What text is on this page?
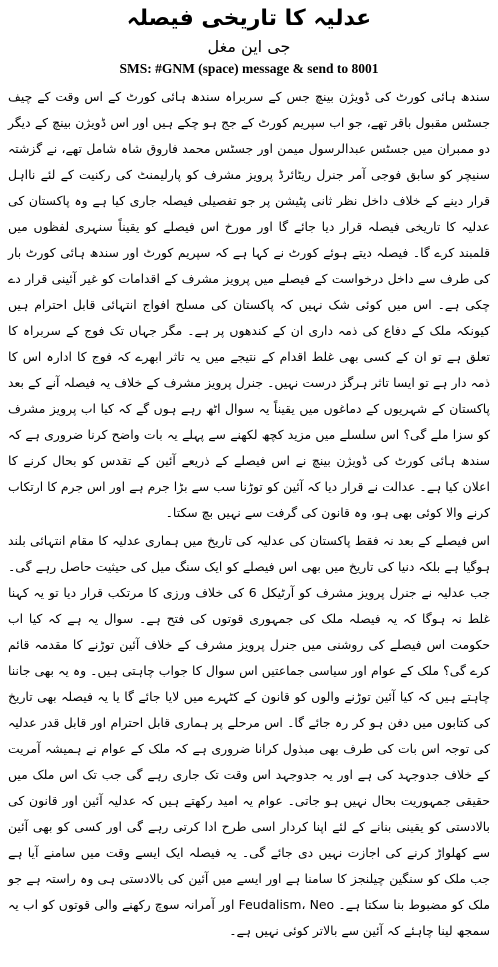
عدلیہ کا تاریخی فیصلہ
جی این مغل
SMS: #GNM (space) message & send to 8001

سندھ ہائی کورٹ کی ڈویژن بینچ جس کے سربراہ سندھ ہائی کورٹ کے اس وقت کے چیف جسٹس مقبول باقر تھے، جو اب سپریم کورٹ کے جج ہو چکے ہیں اور اس ڈویژن بینچ کے دیگر دو ممبران میں جسٹس عبدالرسول میمن اور جسٹس محمد فاروق شاہ شامل تھے، نے گزشتہ سنیچر کو سابق فوجی آمر جنرل ریٹائرڈ پرویز مشرف کو پارلیمنٹ کی رکنیت کے لئے نااہل قرار دینے کے خلاف داخل نظر ثانی پٹیشن پر جو تفصیلی فیصلہ جاری کیا ہے وہ پاکستان کی عدلیہ کا تاریخی فیصلہ قرار دیا جائے گا اور مورخ اس فیصلے کو یقیناً سنہری لفظوں میں قلمبند کرے گا۔ فیصلہ دیتے ہوئے کورٹ نے کہا ہے کہ سپریم کورٹ اور سندھ ہائی کورٹ بار کی طرف سے داخل درخواست کے فیصلے میں پرویز مشرف کے اقدامات کو غیر آئینی قرار دے چکی ہے۔ اس میں کوئی شک نہیں کہ پاکستان کی مسلح افواج انتہائی قابل احترام ہیں کیونکہ ملک کے دفاع کی ذمہ داری ان کے کندھوں پر ہے۔ مگر جہاں تک فوج کے سربراہ کا تعلق ہے تو ان کے کسی بھی غلط اقدام کے نتیجے میں یہ تاثر ابھرے کہ فوج کا ادارہ اس کا ذمہ دار ہے تو ایسا تاثر ہرگز درست نہیں۔ جنرل پرویز مشرف کے خلاف یہ فیصلہ آنے کے بعد پاکستان کے شہریوں کے دماغوں میں یقیناً یہ سوال اٹھ رہے ہوں گے کہ کیا اب پرویز مشرف کو سزا ملے گی؟ اس سلسلے میں مزید کچھ لکھنے سے پہلے یہ بات واضح کرنا ضروری ہے کہ سندھ ہائی کورٹ کی ڈویژن بینچ نے اس فیصلے کے ذریعے آئین کے تقدس کو بحال کرنے کا اعلان کیا ہے۔ عدالت نے قرار دیا کہ آئین کو توڑنا سب سے بڑا جرم ہے اور اس جرم کا ارتکاب کرنے والا کوئی بھی ہو، وہ قانون کی گرفت سے نہیں بچ سکتا۔

اس فیصلے کے بعد نہ فقط پاکستان کی عدلیہ کی تاریخ میں ہماری عدلیہ کا مقام انتہائی بلند ہوگیا ہے بلکہ دنیا کی تاریخ میں بھی اس فیصلے کو ایک سنگ میل کی حیثیت حاصل رہے گی۔ جب عدلیہ نے جنرل پرویز مشرف کو آرٹیکل 6 کی خلاف ورزی کا مرتکب قرار دیا تو یہ کہنا غلط نہ ہوگا کہ یہ فیصلہ ملک کی جمہوری قوتوں کی فتح ہے۔ سوال یہ ہے کہ کیا اب حکومت اس فیصلے کی روشنی میں جنرل پرویز مشرف کے خلاف آئین توڑنے کا مقدمہ قائم کرے گی؟ ملک کے عوام اور سیاسی جماعتیں اس سوال کا جواب چاہتی ہیں۔ وہ یہ بھی جاننا چاہتے ہیں کہ کیا آئین توڑنے والوں کو قانون کے کٹہرے میں لایا جائے گا یا یہ فیصلہ بھی تاریخ کی کتابوں میں دفن ہو کر رہ جائے گا۔ اس مرحلے پر ہماری قابل احترام اور قابل قدر عدلیہ کی توجہ اس بات کی طرف بھی مبذول کرانا ضروری ہے کہ ملک کے عوام نے ہمیشہ آمریت کے خلاف جدوجہد کی ہے اور یہ جدوجہد اس وقت تک جاری رہے گی جب تک اس ملک میں حقیقی جمہوریت بحال نہیں ہو جاتی۔ عوام یہ امید رکھتے ہیں کہ عدلیہ آئین اور قانون کی بالادستی کو یقینی بنانے کے لئے اپنا کردار اسی طرح ادا کرتی رہے گی اور کسی کو بھی آئین سے کھلواڑ کرنے کی اجازت نہیں دی جائے گی۔ یہ فیصلہ ایک ایسے وقت میں سامنے آیا ہے جب ملک کو سنگین چیلنجز کا سامنا ہے اور ایسے میں آئین کی بالادستی ہی وہ راستہ ہے جو ملک کو مضبوط بنا سکتا ہے۔ Feudalism، Neo اور آمرانہ سوچ رکھنے والی قوتوں کو اب یہ سمجھ لینا چاہئے کہ آئین سے بالاتر کوئی نہیں ہے۔
